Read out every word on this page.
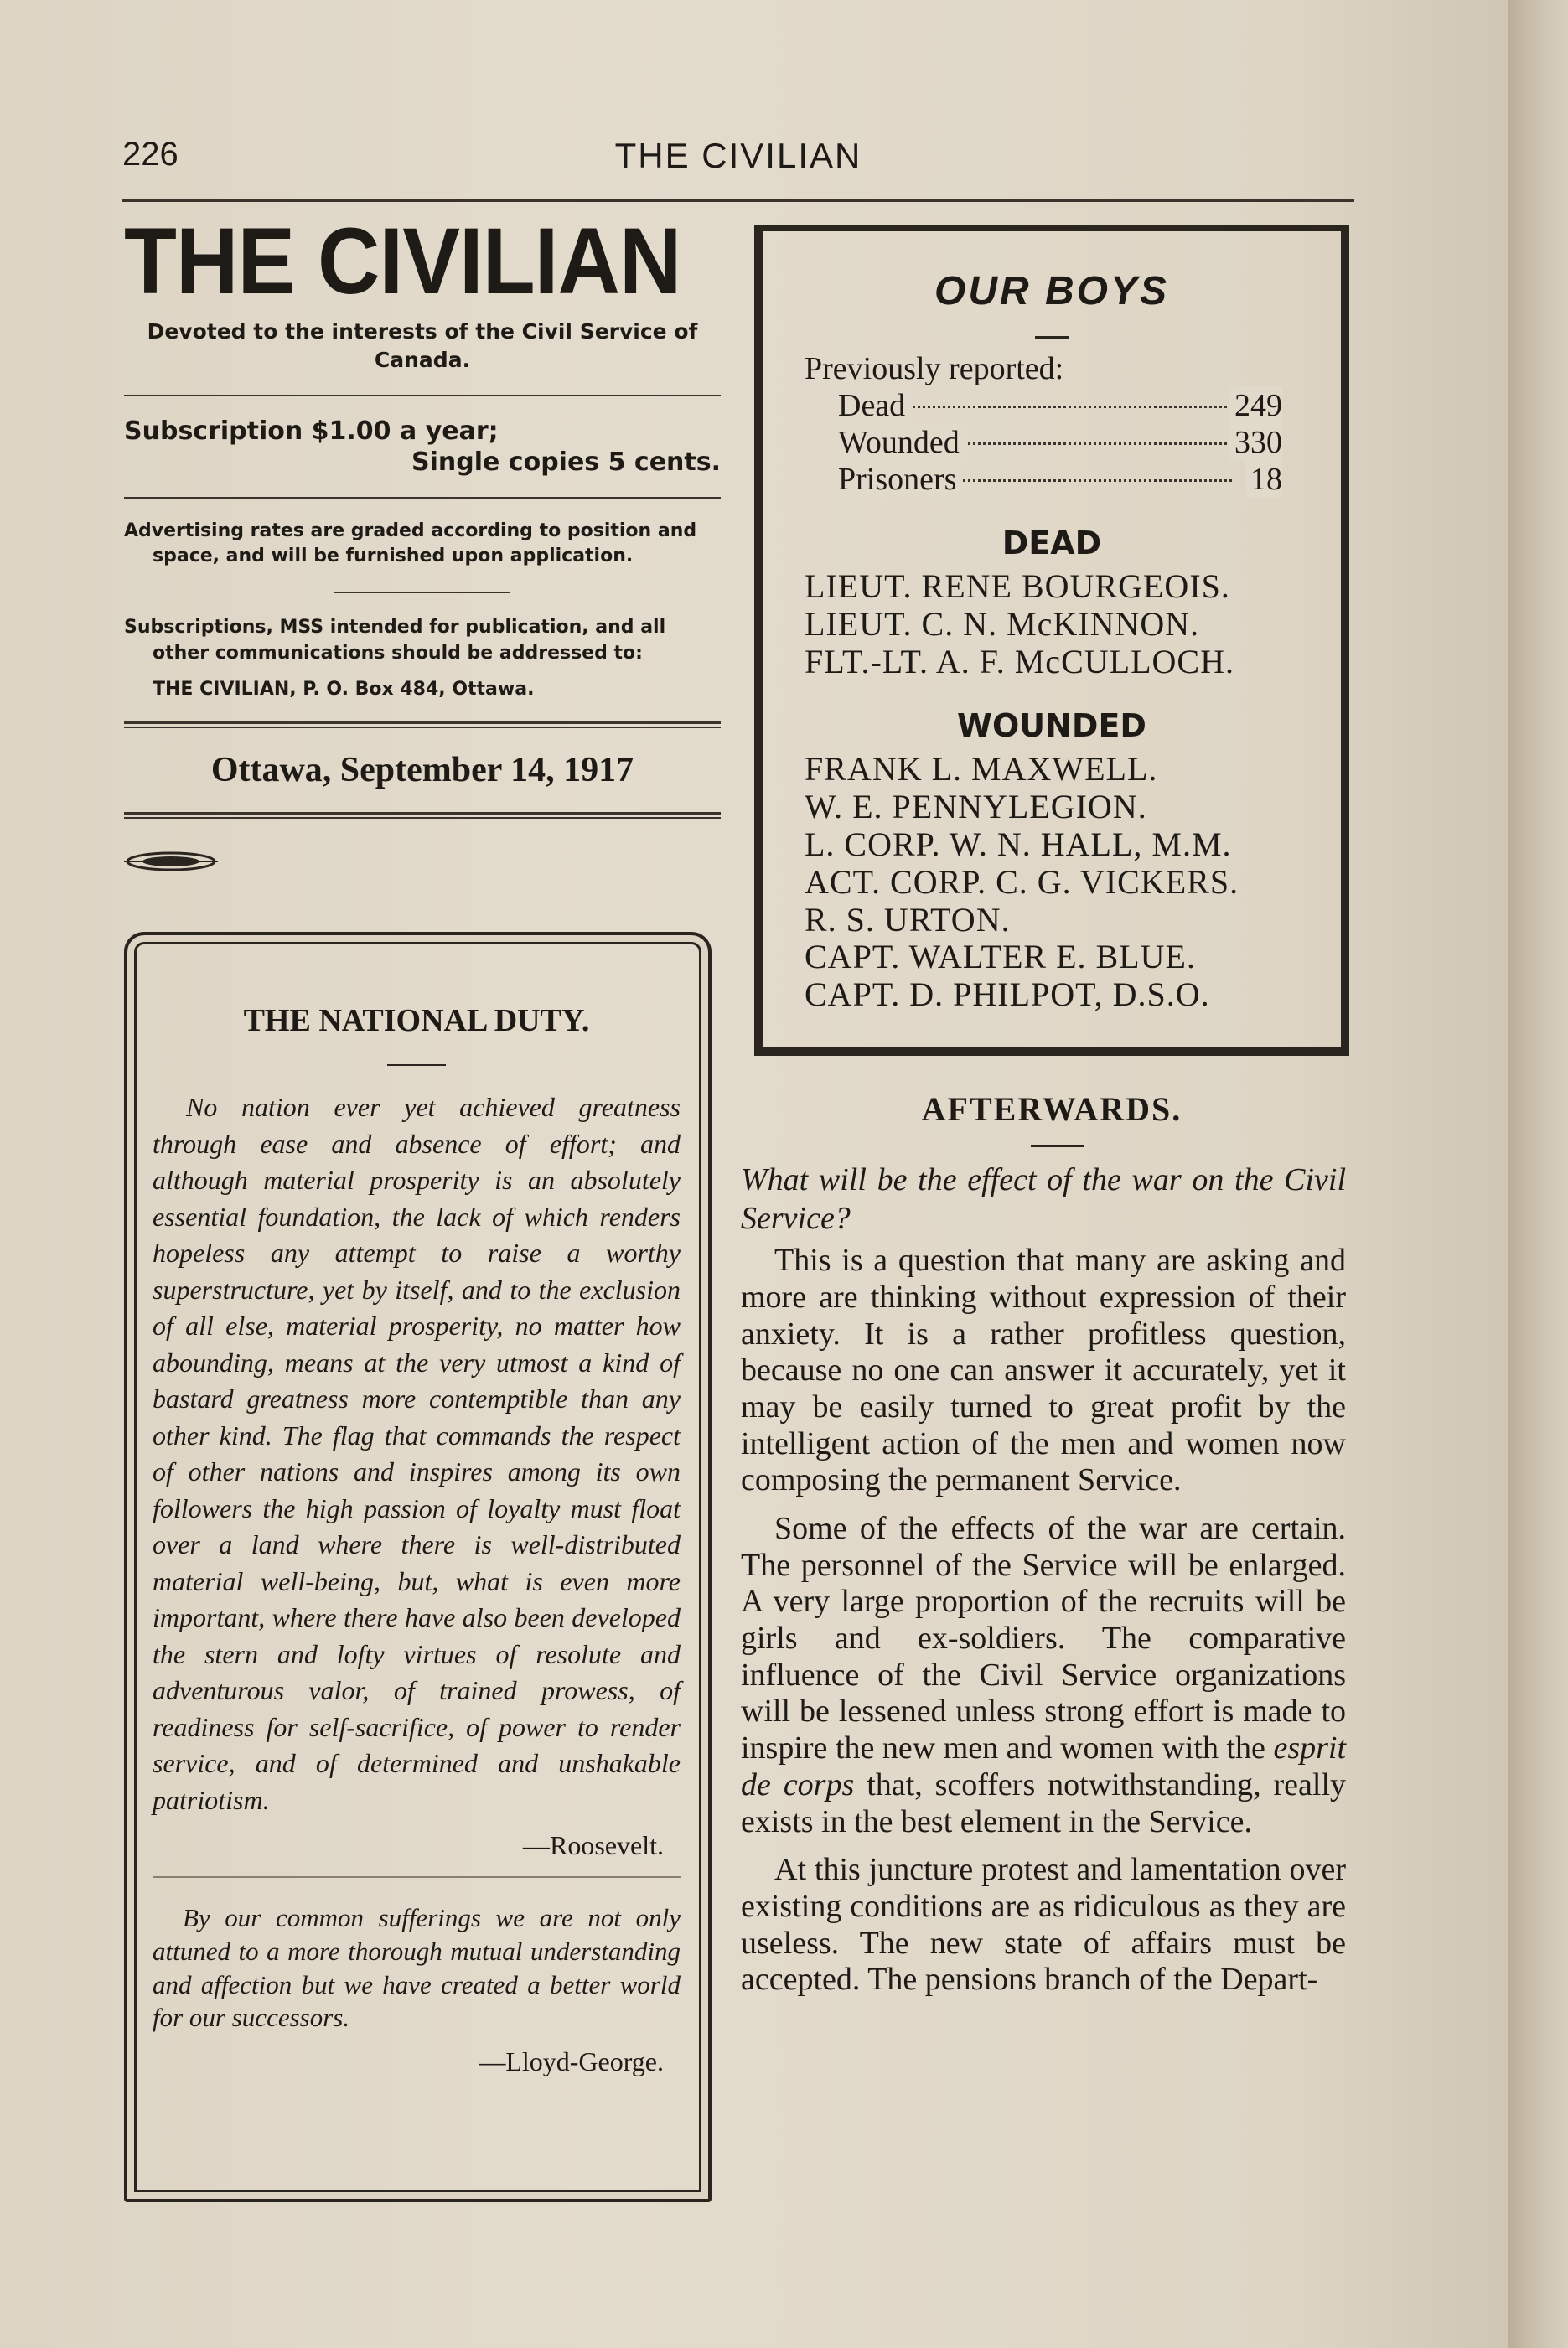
226	THE CIVILIAN
THE CIVILIAN
Devoted to the interests of the Civil Service of Canada.

Subscription $1.00 a year;

Single copies 5 cents.

Advertising rates are graded according to position and space, and will be furnished upon application.

Subscriptions, MSS intended for publication, and all other communications should be addressed to:

THE CIVILIAN, P. O. Box 484, Ottawa.

Ottawa, September 14, 1917
THE NATIONAL DUTY.

No nation ever yet achieved greatness through ease and absence of effort; and although material prosperity is an absolutely essential foundation, the lack of which renders hopeless any attempt to raise a worthy superstructure, yet by itself, and to the exclusion of all else, material prosperity, no matter how abounding, means at the very utmost a kind of bastard greatness more contemptible than any other kind. The flag that commands the respect of other nations and inspires among its own followers the high passion of loyalty must float over a land where there is well-distributed material well-being, but, what is even more important, where there have also been developed the stern and lofty virtues of resolute and adventurous valor, of trained prowess, of readiness for self-sacrifice, of power to render service, and of determined and unshakable patriotism.

—Roosevelt.

By our common sufferings we are not only attuned to a more thorough mutual understanding and affection but we have created a better world for our successors.

—Lloyd-George.
OUR BOYS

Previously reported:

Dead	249
Wounded	330
Prisoners	18
DEAD

LIEUT. RENE BOURGEOIS.

LIEUT. C. N. McKINNON.

FLT.-LT. A. F. McCULLOCH.

WOUNDED

FRANK L. MAXWELL.

W. E. PENNYLEGION.

L. CORP. W. N. HALL, M.M.

ACT. CORP. C. G. VICKERS.

R. S. URTON.

CAPT. WALTER E. BLUE.

CAPT. D. PHILPOT, D.S.O.

AFTERWARDS.

What will be the effect of the war on the Civil Service?

This is a question that many are asking and more are thinking without expression of their anxiety. It is a rather profitless question, because no one can answer it accurately, yet it may be easily turned to great profit by the intelligent action of the men and women now composing the permanent Service.

Some of the effects of the war are certain. The personnel of the Service will be enlarged. A very large proportion of the recruits will be girls and ex-soldiers. The comparative influence of the Civil Service organizations will be lessened unless strong effort is made to inspire the new men and women with the esprit de corps that, scoffers notwithstanding, really exists in the best element in the Service.

At this juncture protest and lamentation over existing conditions are as ridiculous as they are useless. The new state of affairs must be accepted. The pensions branch of the Depart-
